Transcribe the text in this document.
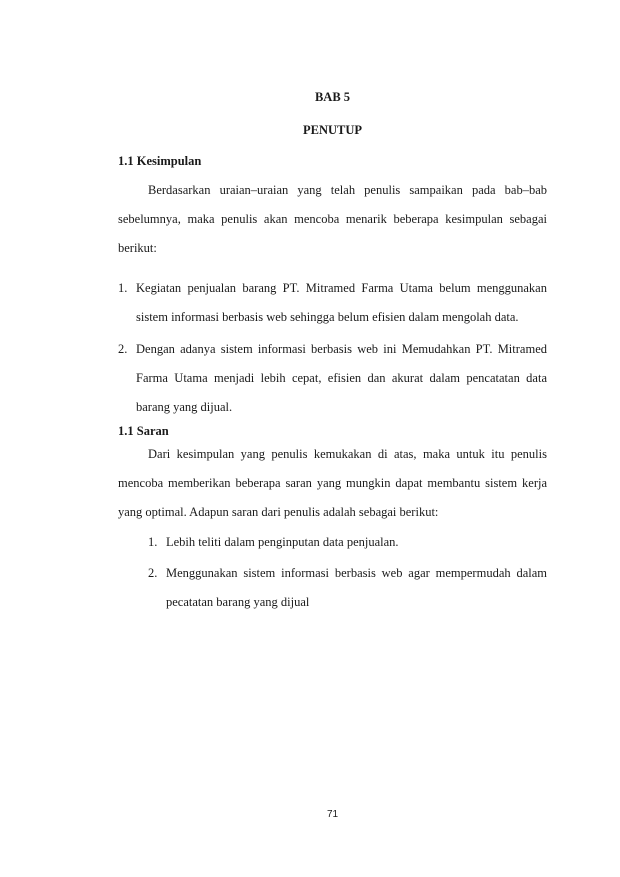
BAB 5
PENUTUP
1.1 Kesimpulan

Berdasarkan uraian–uraian yang telah penulis sampaikan pada bab–bab sebelumnya, maka penulis akan mencoba menarik beberapa kesimpulan sebagai berikut:

1. Kegiatan penjualan barang PT. Mitramed Farma Utama belum menggunakan sistem informasi berbasis web sehingga belum efisien dalam mengolah data.
2. Dengan adanya sistem informasi berbasis web ini Memudahkan PT. Mitramed Farma Utama menjadi lebih cepat, efisien dan akurat dalam pencatatan data barang yang dijual.
1.1 Saran

Dari kesimpulan yang penulis kemukakan di atas, maka untuk itu penulis mencoba memberikan beberapa saran yang mungkin dapat membantu sistem kerja yang optimal. Adapun saran dari penulis adalah sebagai berikut:

1. Lebih teliti dalam penginputan data penjualan.
2. Menggunakan sistem informasi berbasis web agar mempermudah dalam pecatatan barang yang dijual
71
